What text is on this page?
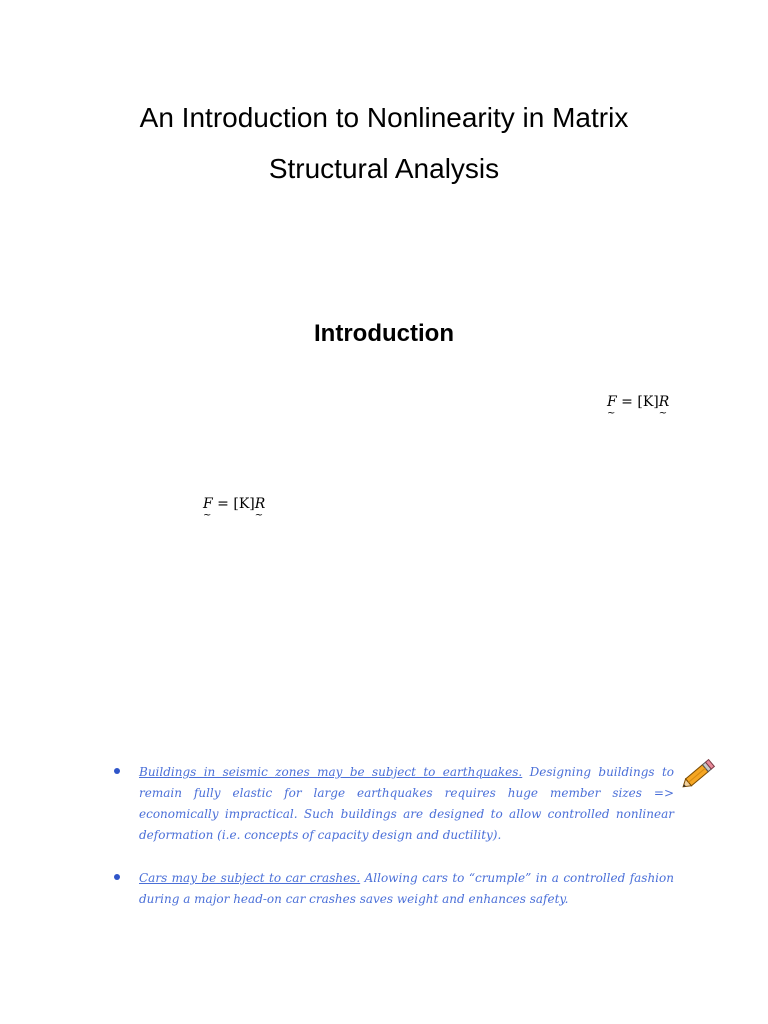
An Introduction to Nonlinearity in Matrix
Structural Analysis
Introduction
F ~ = [K]R ~
F ~ = [K]R ~
Buildings in seismic zones may be subject to earthquakes. Designing buildings to remain fully elastic for large earthquakes requires huge member sizes => economically impractical. Such buildings are designed to allow controlled nonlinear deformation (i.e. concepts of capacity design and ductility).
Cars may be subject to car crashes. Allowing cars to “crumple” in a controlled fashion during a major head-on car crashes saves weight and enhances safety.
